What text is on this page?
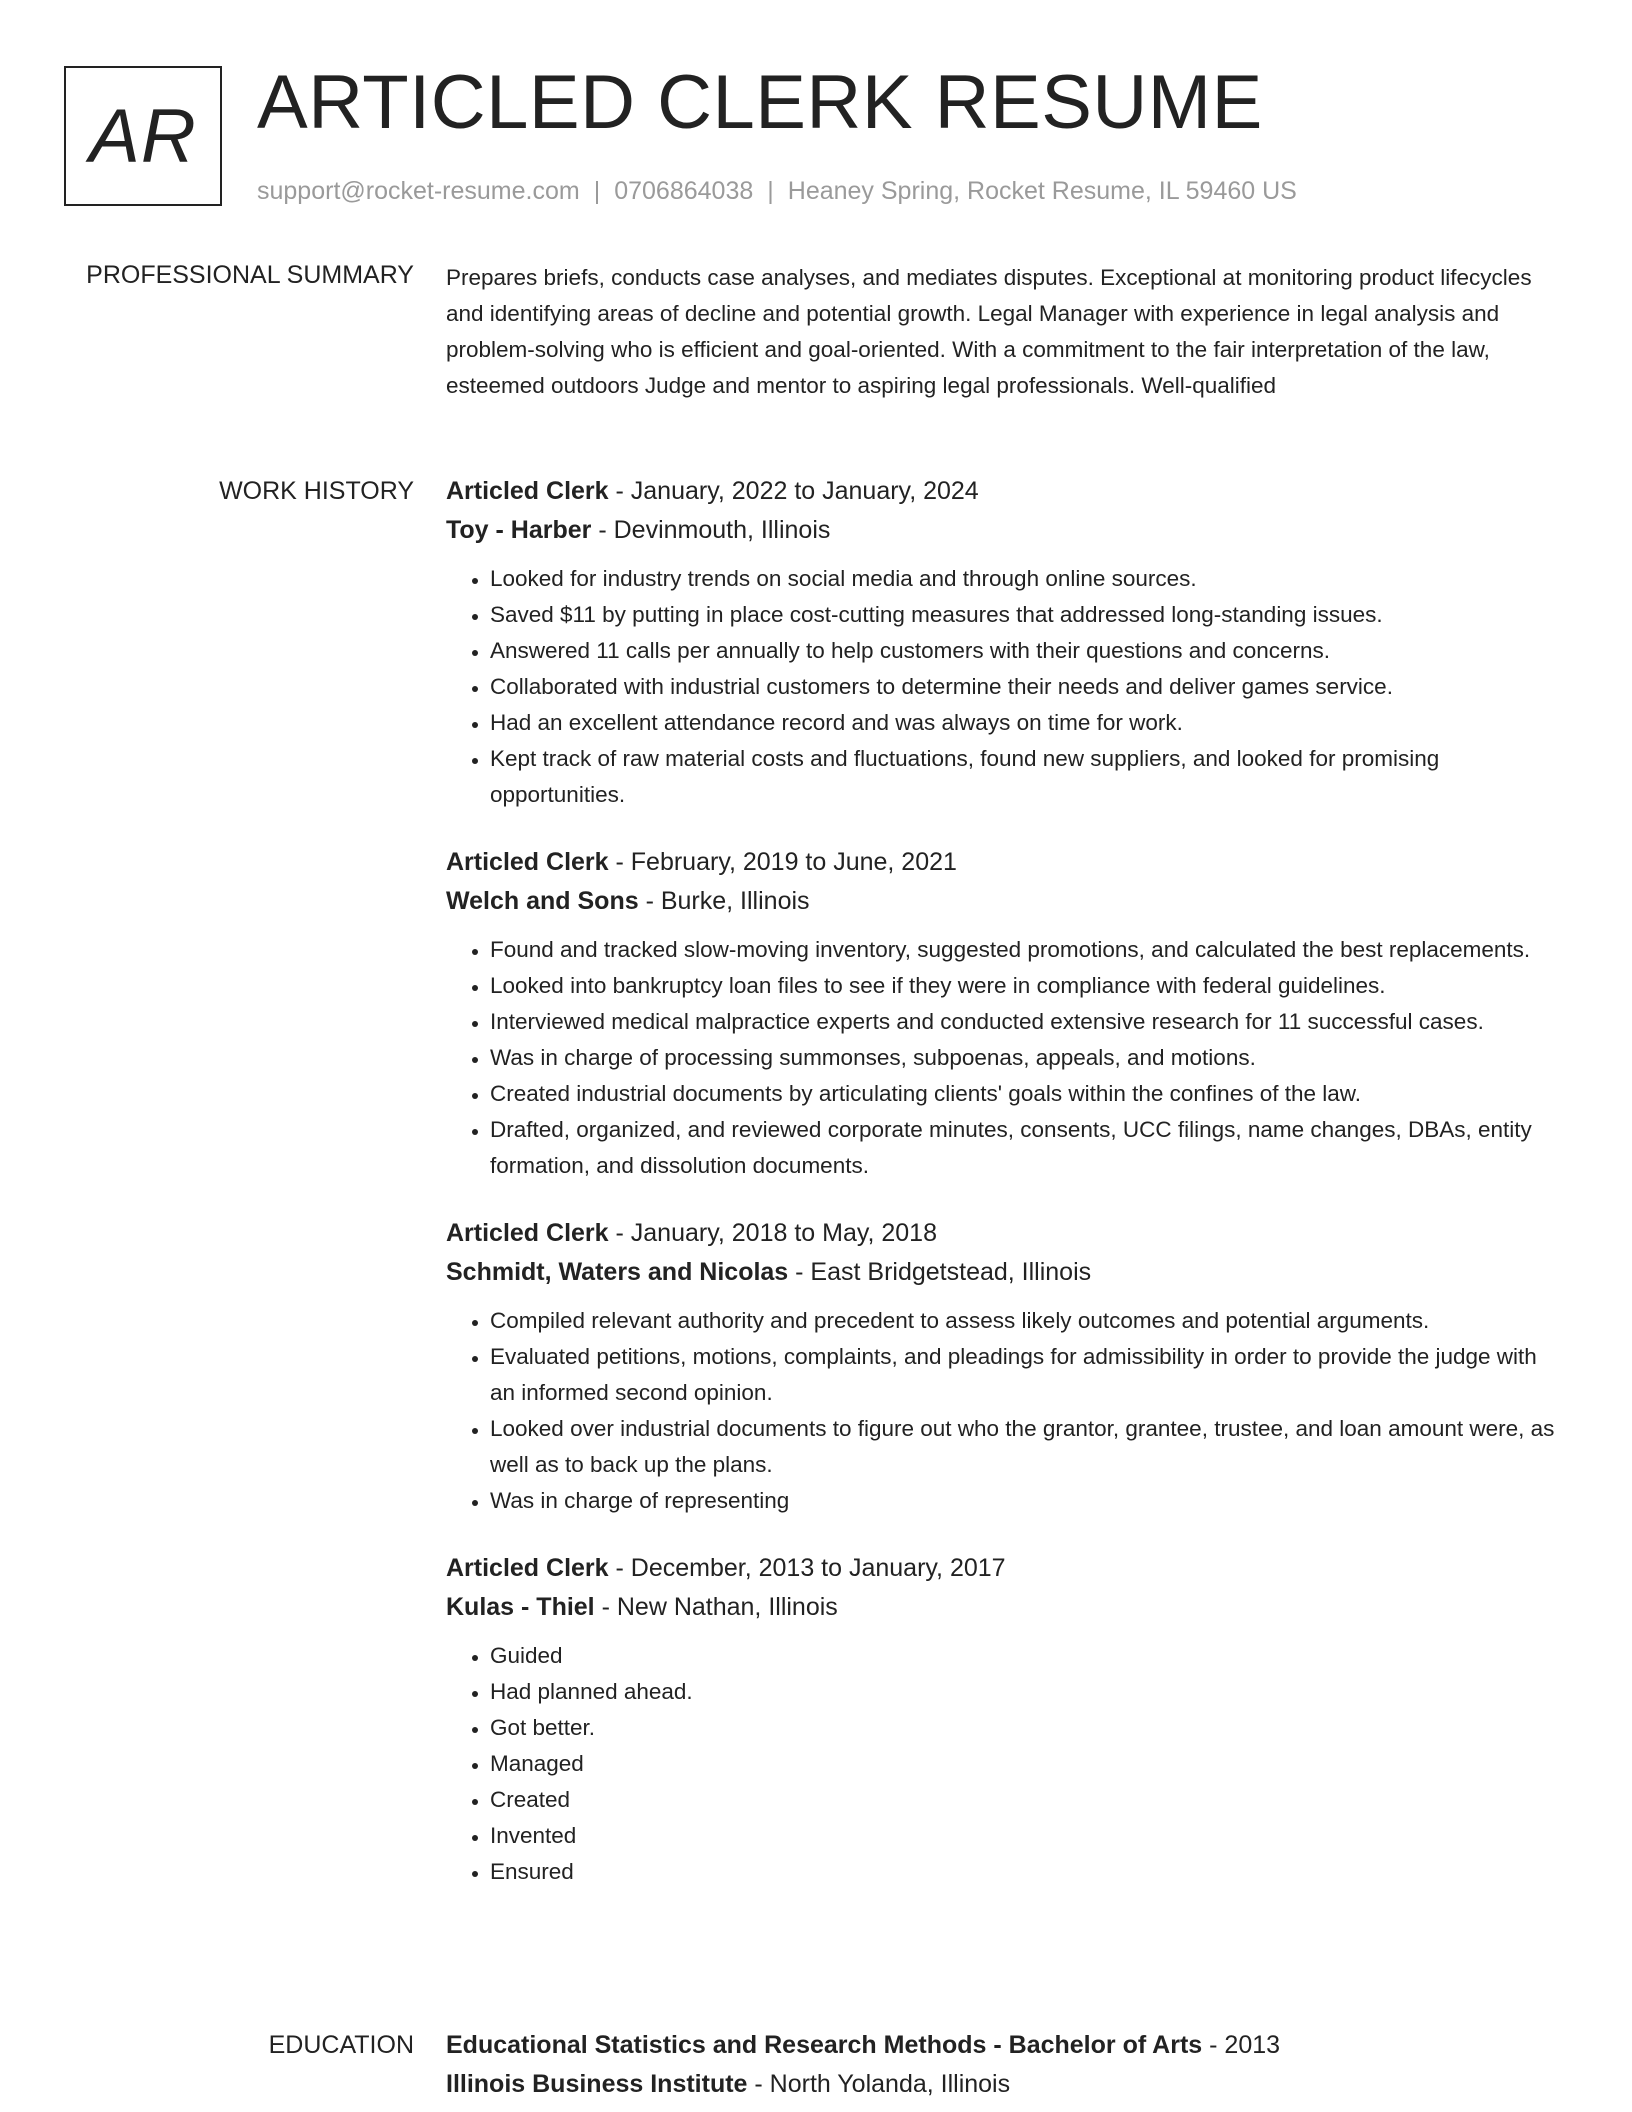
AR ARTICLED CLERK RESUME
support@rocket-resume.com | 0706864038 | Heaney Spring, Rocket Resume, IL 59460 US
PROFESSIONAL SUMMARY Prepares briefs, conducts case analyses, and mediates disputes. Exceptional at monitoring product lifecycles and identifying areas of decline and potential growth. Legal Manager with experience in legal analysis and problem-solving who is efficient and goal-oriented. With a commitment to the fair interpretation of the law, esteemed outdoors Judge and mentor to aspiring legal professionals. Well-qualified

WORK HISTORY Articled Clerk - January, 2022 to January, 2024

Toy - Harber - Devinmouth, Illinois

• Looked for industry trends on social media and through online sources.
• Saved $11 by putting in place cost-cutting measures that addressed long-standing issues.
• Answered 11 calls per annually to help customers with their questions and concerns.
• Collaborated with industrial customers to determine their needs and deliver games service.
• Had an excellent attendance record and was always on time for work.
• Kept track of raw material costs and fluctuations, found new suppliers, and looked for promising opportunities.

Articled Clerk - February, 2019 to June, 2021

Welch and Sons - Burke, Illinois

• Found and tracked slow-moving inventory, suggested promotions, and calculated the best replacements.
• Looked into bankruptcy loan files to see if they were in compliance with federal guidelines.
• Interviewed medical malpractice experts and conducted extensive research for 11 successful cases.
• Was in charge of processing summonses, subpoenas, appeals, and motions.
• Created industrial documents by articulating clients' goals within the confines of the law.
• Drafted, organized, and reviewed corporate minutes, consents, UCC filings, name changes, DBAs, entity formation, and dissolution documents.

Articled Clerk - January, 2018 to May, 2018

Schmidt, Waters and Nicolas - East Bridgetstead, Illinois

• Compiled relevant authority and precedent to assess likely outcomes and potential arguments.
• Evaluated petitions, motions, complaints, and pleadings for admissibility in order to provide the judge with an informed second opinion.
• Looked over industrial documents to figure out who the grantor, grantee, trustee, and loan amount were, as well as to back up the plans.
• Was in charge of representing

Articled Clerk - December, 2013 to January, 2017

Kulas - Thiel - New Nathan, Illinois

• Guided
• Had planned ahead.
• Got better.
• Managed
• Created
• Invented
• Ensured
EDUCATION Educational Statistics and Research Methods - Bachelor of Arts - 2013

Illinois Business Institute - North Yolanda, Illinois
